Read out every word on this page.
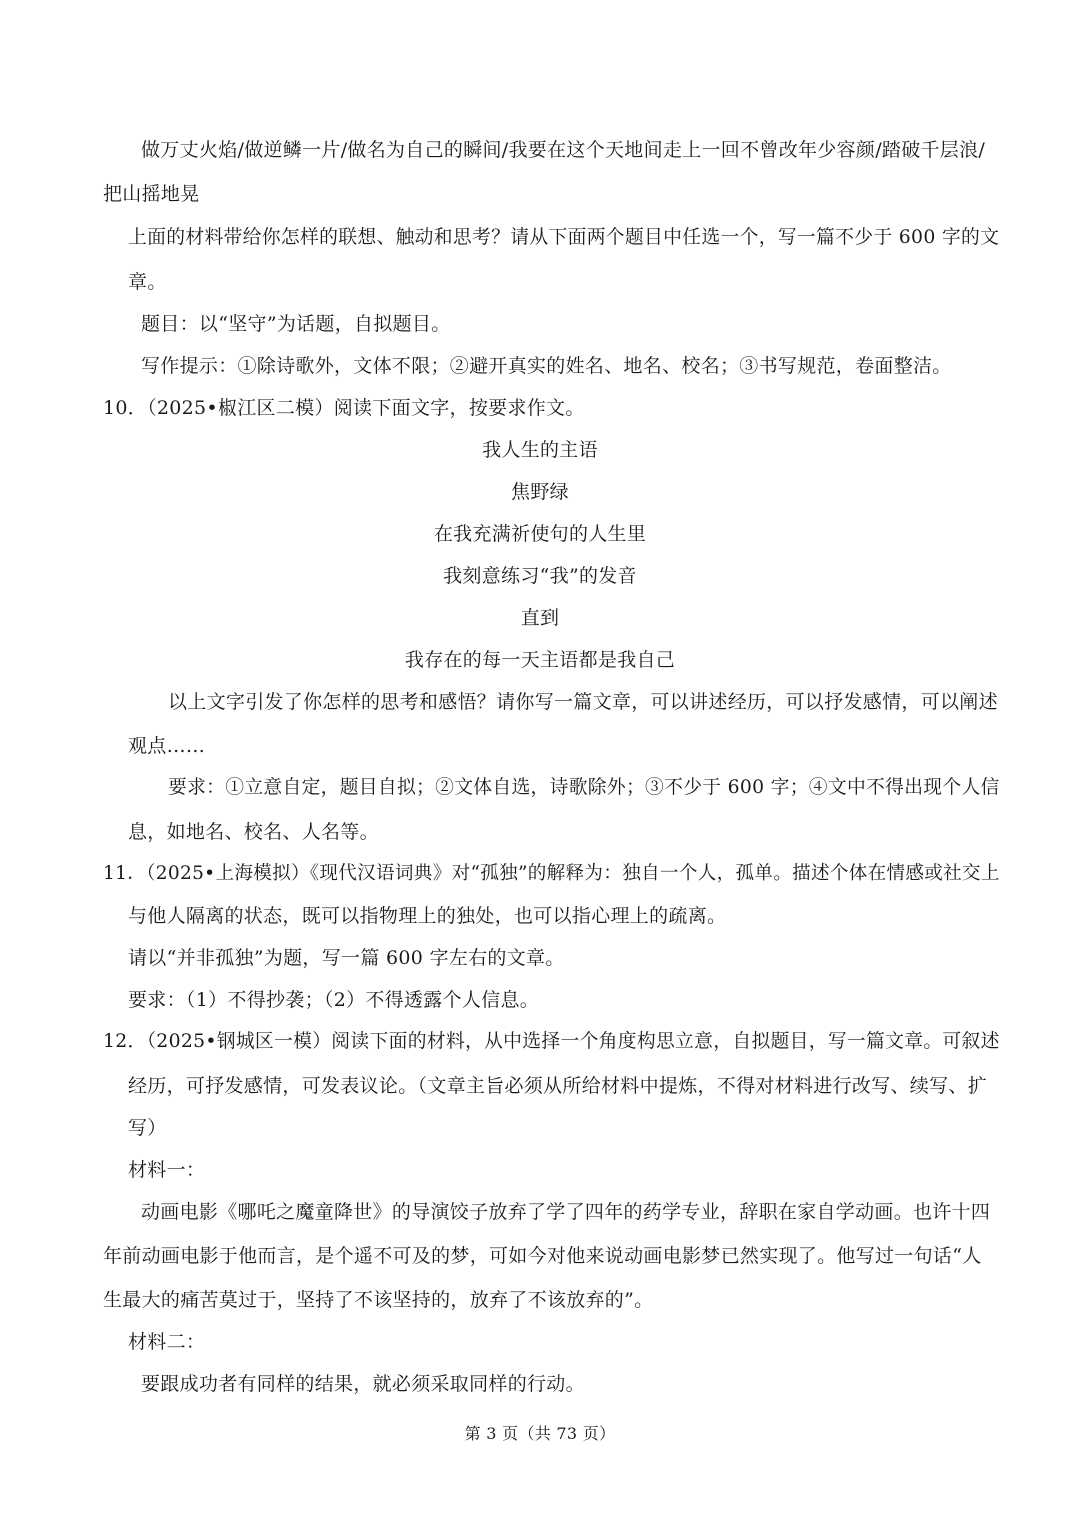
做万丈火焰/做逆鳞一片/做名为自己的瞬间/我要在这个天地间走上一回不曾改年少容颜/踏破千层浪/

把山摇地晃

上面的材料带给你怎样的联想、触动和思考？请从下面两个题目中任选一个，写一篇不少于 600 字的文

章。

题目：以“坚守”为话题，自拟题目。

写作提示：①除诗歌外，文体不限；②避开真实的姓名、地名、校名；③书写规范，卷面整洁。

10．（2025•椒江区二模）阅读下面文字，按要求作文。

我人生的主语

焦野绿

在我充满祈使句的人生里

我刻意练习“我”的发音

直到

我存在的每一天主语都是我自己

以上文字引发了你怎样的思考和感悟？请你写一篇文章，可以讲述经历，可以抒发感情，可以阐述

观点……

要求：①立意自定，题目自拟；②文体自选，诗歌除外；③不少于 600 字；④文中不得出现个人信

息，如地名、校名、人名等。

11．（2025•上海模拟）《现代汉语词典》对“孤独”的解释为：独自一个人，孤单。描述个体在情感或社交上

与他人隔离的状态，既可以指物理上的独处，也可以指心理上的疏离。

请以“并非孤独”为题，写一篇 600 字左右的文章。

要求：（1）不得抄袭；（2）不得透露个人信息。

12．（2025•钢城区一模）阅读下面的材料，从中选择一个角度构思立意，自拟题目，写一篇文章。可叙述

经历，可抒发感情，可发表议论。（文章主旨必须从所给材料中提炼，不得对材料进行改写、续写、扩

写）

材料一：

动画电影《哪吒之魔童降世》的导演饺子放弃了学了四年的药学专业，辞职在家自学动画。也许十四

年前动画电影于他而言，是个遥不可及的梦，可如今对他来说动画电影梦已然实现了。他写过一句话“人

生最大的痛苦莫过于，坚持了不该坚持的，放弃了不该放弃的”。

材料二：

要跟成功者有同样的结果，就必须采取同样的行动。

第 3 页（共 73 页）
